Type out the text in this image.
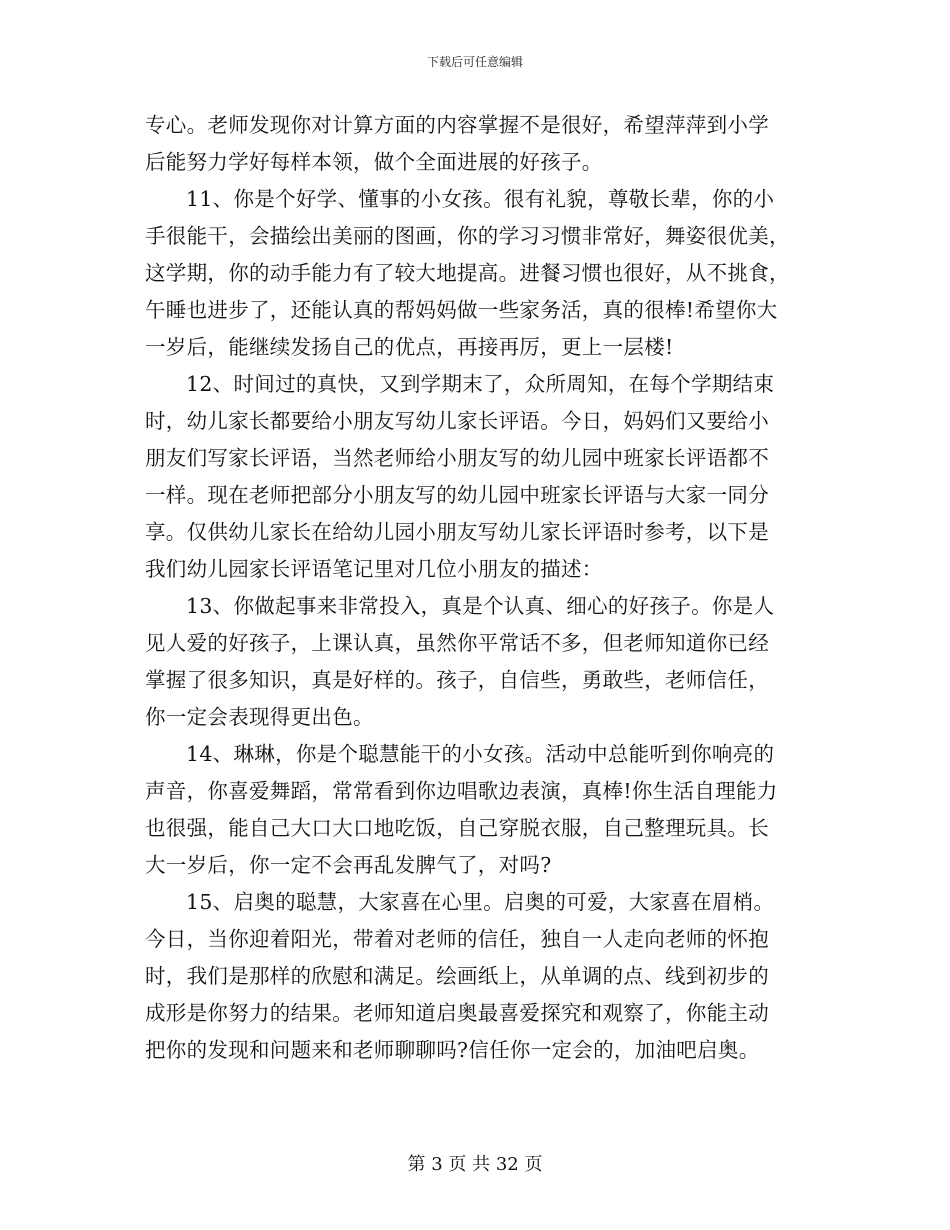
下载后可任意编辑
专心。老师发现你对计算方面的内容掌握不是很好，希望萍萍到小学
后能努力学好每样本领，做个全面进展的好孩子。
11、你是个好学、懂事的小女孩。很有礼貌，尊敬长辈，你的小
手很能干，会描绘出美丽的图画，你的学习习惯非常好，舞姿很优美，
这学期，你的动手能力有了较大地提高。进餐习惯也很好，从不挑食，
午睡也进步了，还能认真的帮妈妈做一些家务活，真的很棒!希望你大
一岁后，能继续发扬自己的优点，再接再厉，更上一层楼!
12、时间过的真快，又到学期末了，众所周知，在每个学期结束
时，幼儿家长都要给小朋友写幼儿家长评语。今日，妈妈们又要给小
朋友们写家长评语，当然老师给小朋友写的幼儿园中班家长评语都不
一样。现在老师把部分小朋友写的幼儿园中班家长评语与大家一同分
享。仅供幼儿家长在给幼儿园小朋友写幼儿家长评语时参考，以下是
我们幼儿园家长评语笔记里对几位小朋友的描述：
13、你做起事来非常投入，真是个认真、细心的好孩子。你是人
见人爱的好孩子，上课认真，虽然你平常话不多，但老师知道你已经
掌握了很多知识，真是好样的。孩子，自信些，勇敢些，老师信任，
你一定会表现得更出色。
14、琳琳，你是个聪慧能干的小女孩。活动中总能听到你响亮的
声音，你喜爱舞蹈，常常看到你边唱歌边表演，真棒!你生活自理能力
也很强，能自己大口大口地吃饭，自己穿脱衣服，自己整理玩具。长
大一岁后，你一定不会再乱发脾气了，对吗?
15、启奥的聪慧，大家喜在心里。启奥的可爱，大家喜在眉梢。
今日，当你迎着阳光，带着对老师的信任，独自一人走向老师的怀抱
时，我们是那样的欣慰和满足。绘画纸上，从单调的点、线到初步的
成形是你努力的结果。老师知道启奥最喜爱探究和观察了，你能主动
把你的发现和问题来和老师聊聊吗?信任你一定会的，加油吧启奥。
第 3 页 共 32 页
